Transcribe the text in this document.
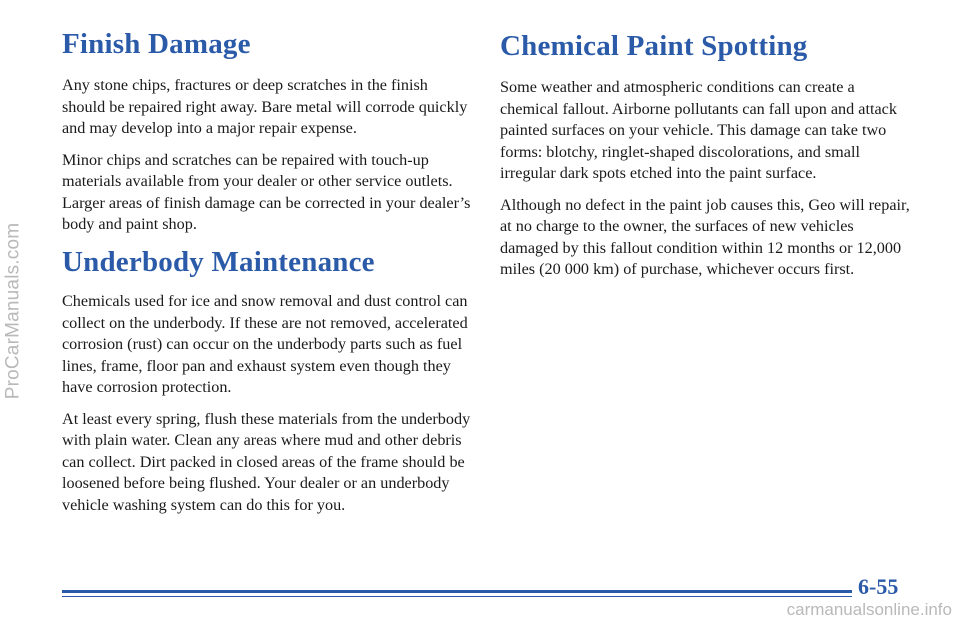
ProCarManuals.com
Finish Damage

Any stone chips, fractures or deep scratches in the finish should be repaired right away. Bare metal will corrode quickly and may develop into a major repair expense.

Minor chips and scratches can be repaired with touch-up materials available from your dealer or other service outlets. Larger areas of finish damage can be corrected in your dealer’s body and paint shop.

Underbody Maintenance

Chemicals used for ice and snow removal and dust control can collect on the underbody. If these are not removed, accelerated corrosion (rust) can occur on the underbody parts such as fuel lines, frame, floor pan and exhaust system even though they have corrosion protection.

At least every spring, flush these materials from the underbody with plain water. Clean any areas where mud and other debris can collect. Dirt packed in closed areas of the frame should be loosened before being flushed. Your dealer or an underbody vehicle washing system can do this for you.

Chemical Paint Spotting

Some weather and atmospheric conditions can create a chemical fallout. Airborne pollutants can fall upon and attack painted surfaces on your vehicle. This damage can take two forms: blotchy, ringlet-shaped discolorations, and small irregular dark spots etched into the paint surface.

Although no defect in the paint job causes this, Geo will repair, at no charge to the owner, the surfaces of new vehicles damaged by this fallout condition within 12 months or 12,000 miles (20 000 km) of purchase, whichever occurs first.

6-55
carmanualsonline.info
